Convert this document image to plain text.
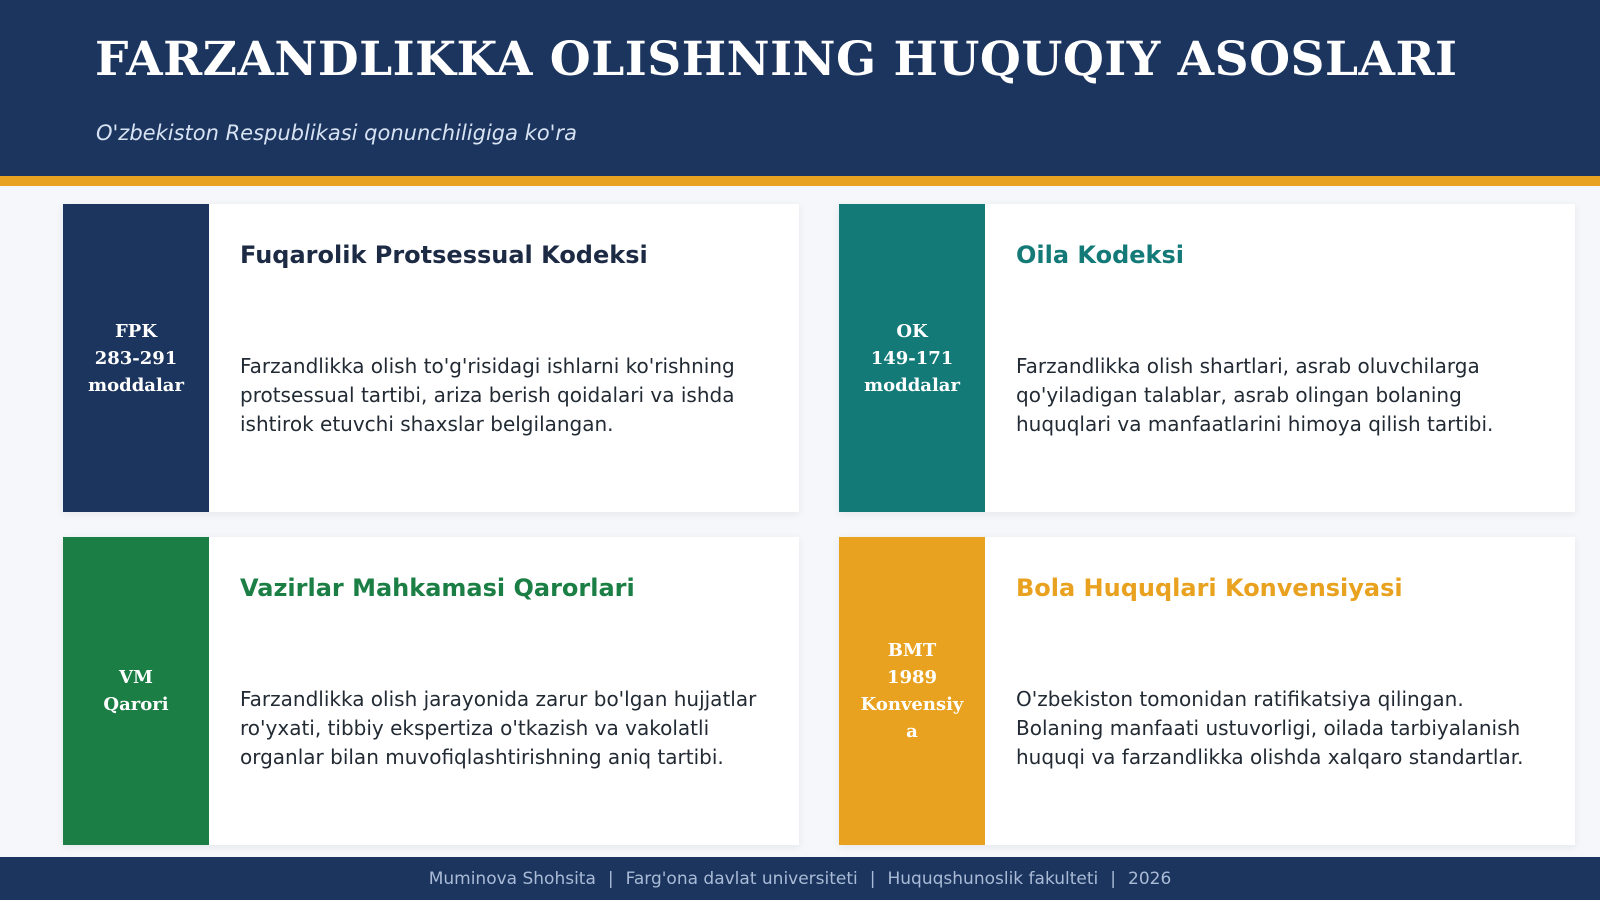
FARZANDLIKKA OLISHNING HUQUQIY ASOSLARI

O'zbekiston Respublikasi qonunchiligiga ko'ra

FPK
283-291
moddalar
Fuqarolik Protsessual Kodeksi

Farzandlikka olish to'g'risidagi ishlarni ko'rishning protsessual tartibi, ariza berish qoidalari va ishda ishtirok etuvchi shaxslar belgilangan.

OK
149-171
moddalar
Oila Kodeksi

Farzandlikka olish shartlari, asrab oluvchilarga qo'yiladigan talablar, asrab olingan bolaning huquqlari va manfaatlarini himoya qilish tartibi.

VM
Qarori
Vazirlar Mahkamasi Qarorlari

Farzandlikka olish jarayonida zarur bo'lgan hujjatlar ro'yxati, tibbiy ekspertiza o'tkazish va vakolatli organlar bilan muvofiqlashtirishning aniq tartibi.

BMT
1989
Konvensiy
a
Bola Huquqlari Konvensiyasi

O'zbekiston tomonidan ratifikatsiya qilingan. Bolaning manfaati ustuvorligi, oilada tarbiyalanish huquqi va farzandlikka olishda xalqaro standartlar.

Muminova Shohsita | Farg'ona davlat universiteti | Huquqshunoslik fakulteti | 2026
